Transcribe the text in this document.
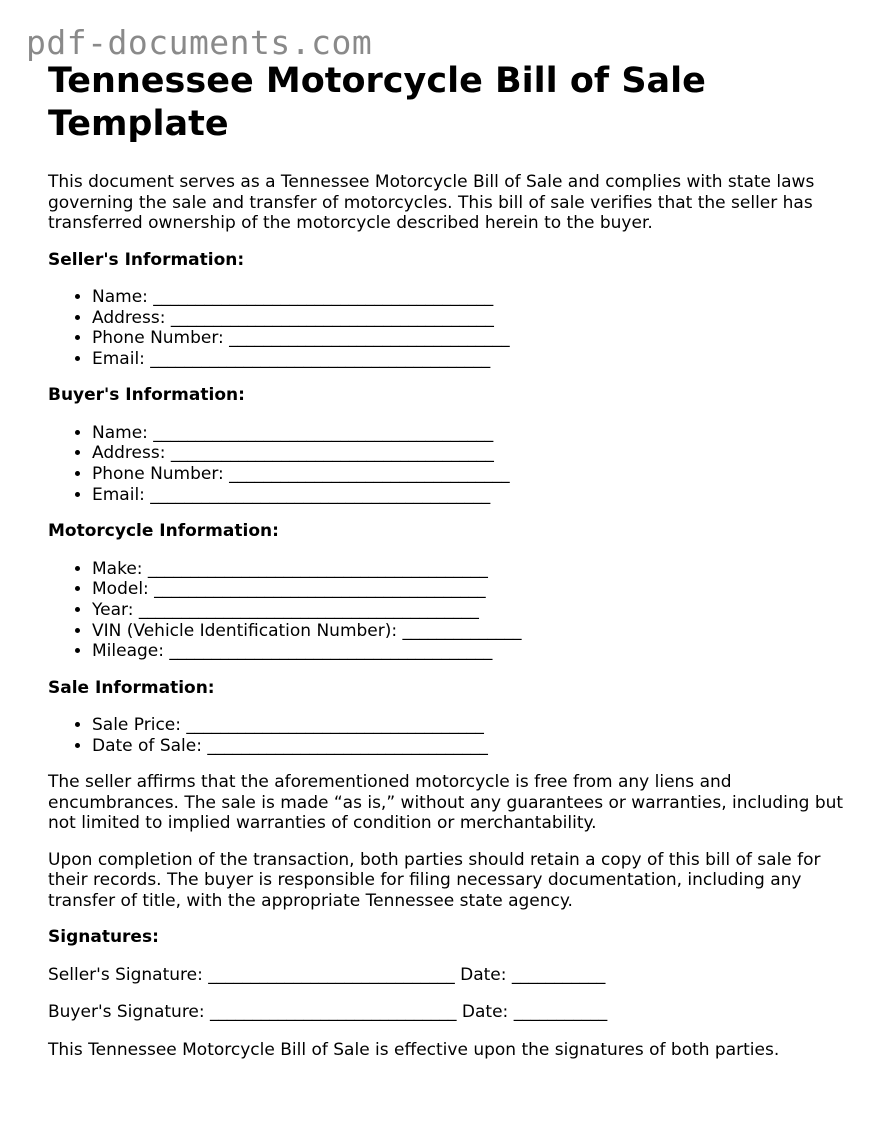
pdf-documents.com
Tennessee Motorcycle Bill of Sale Template

This document serves as a Tennessee Motorcycle Bill of Sale and complies with state laws governing the sale and transfer of motorcycles. This bill of sale verifies that the seller has transferred ownership of the motorcycle described herein to the buyer.

Seller's Information:
• Name: ________________________________________
• Address: ______________________________________
• Phone Number: _________________________________
• Email: ________________________________________
Buyer's Information:
• Name: ________________________________________
• Address: ______________________________________
• Phone Number: _________________________________
• Email: ________________________________________
Motorcycle Information:
• Make: ________________________________________
• Model: _______________________________________
• Year: ________________________________________
• VIN (Vehicle Identification Number): ______________
• Mileage: ______________________________________
Sale Information:
• Sale Price: ___________________________________
• Date of Sale: _________________________________

The seller affirms that the aforementioned motorcycle is free from any liens and encumbrances. The sale is made “as is,” without any guarantees or warranties, including but not limited to implied warranties of condition or merchantability.

Upon completion of the transaction, both parties should retain a copy of this bill of sale for their records. The buyer is responsible for filing necessary documentation, including any transfer of title, with the appropriate Tennessee state agency.

Signatures:
Seller's Signature: _____________________________ Date: ___________
Buyer's Signature: _____________________________ Date: ___________

This Tennessee Motorcycle Bill of Sale is effective upon the signatures of both parties.
